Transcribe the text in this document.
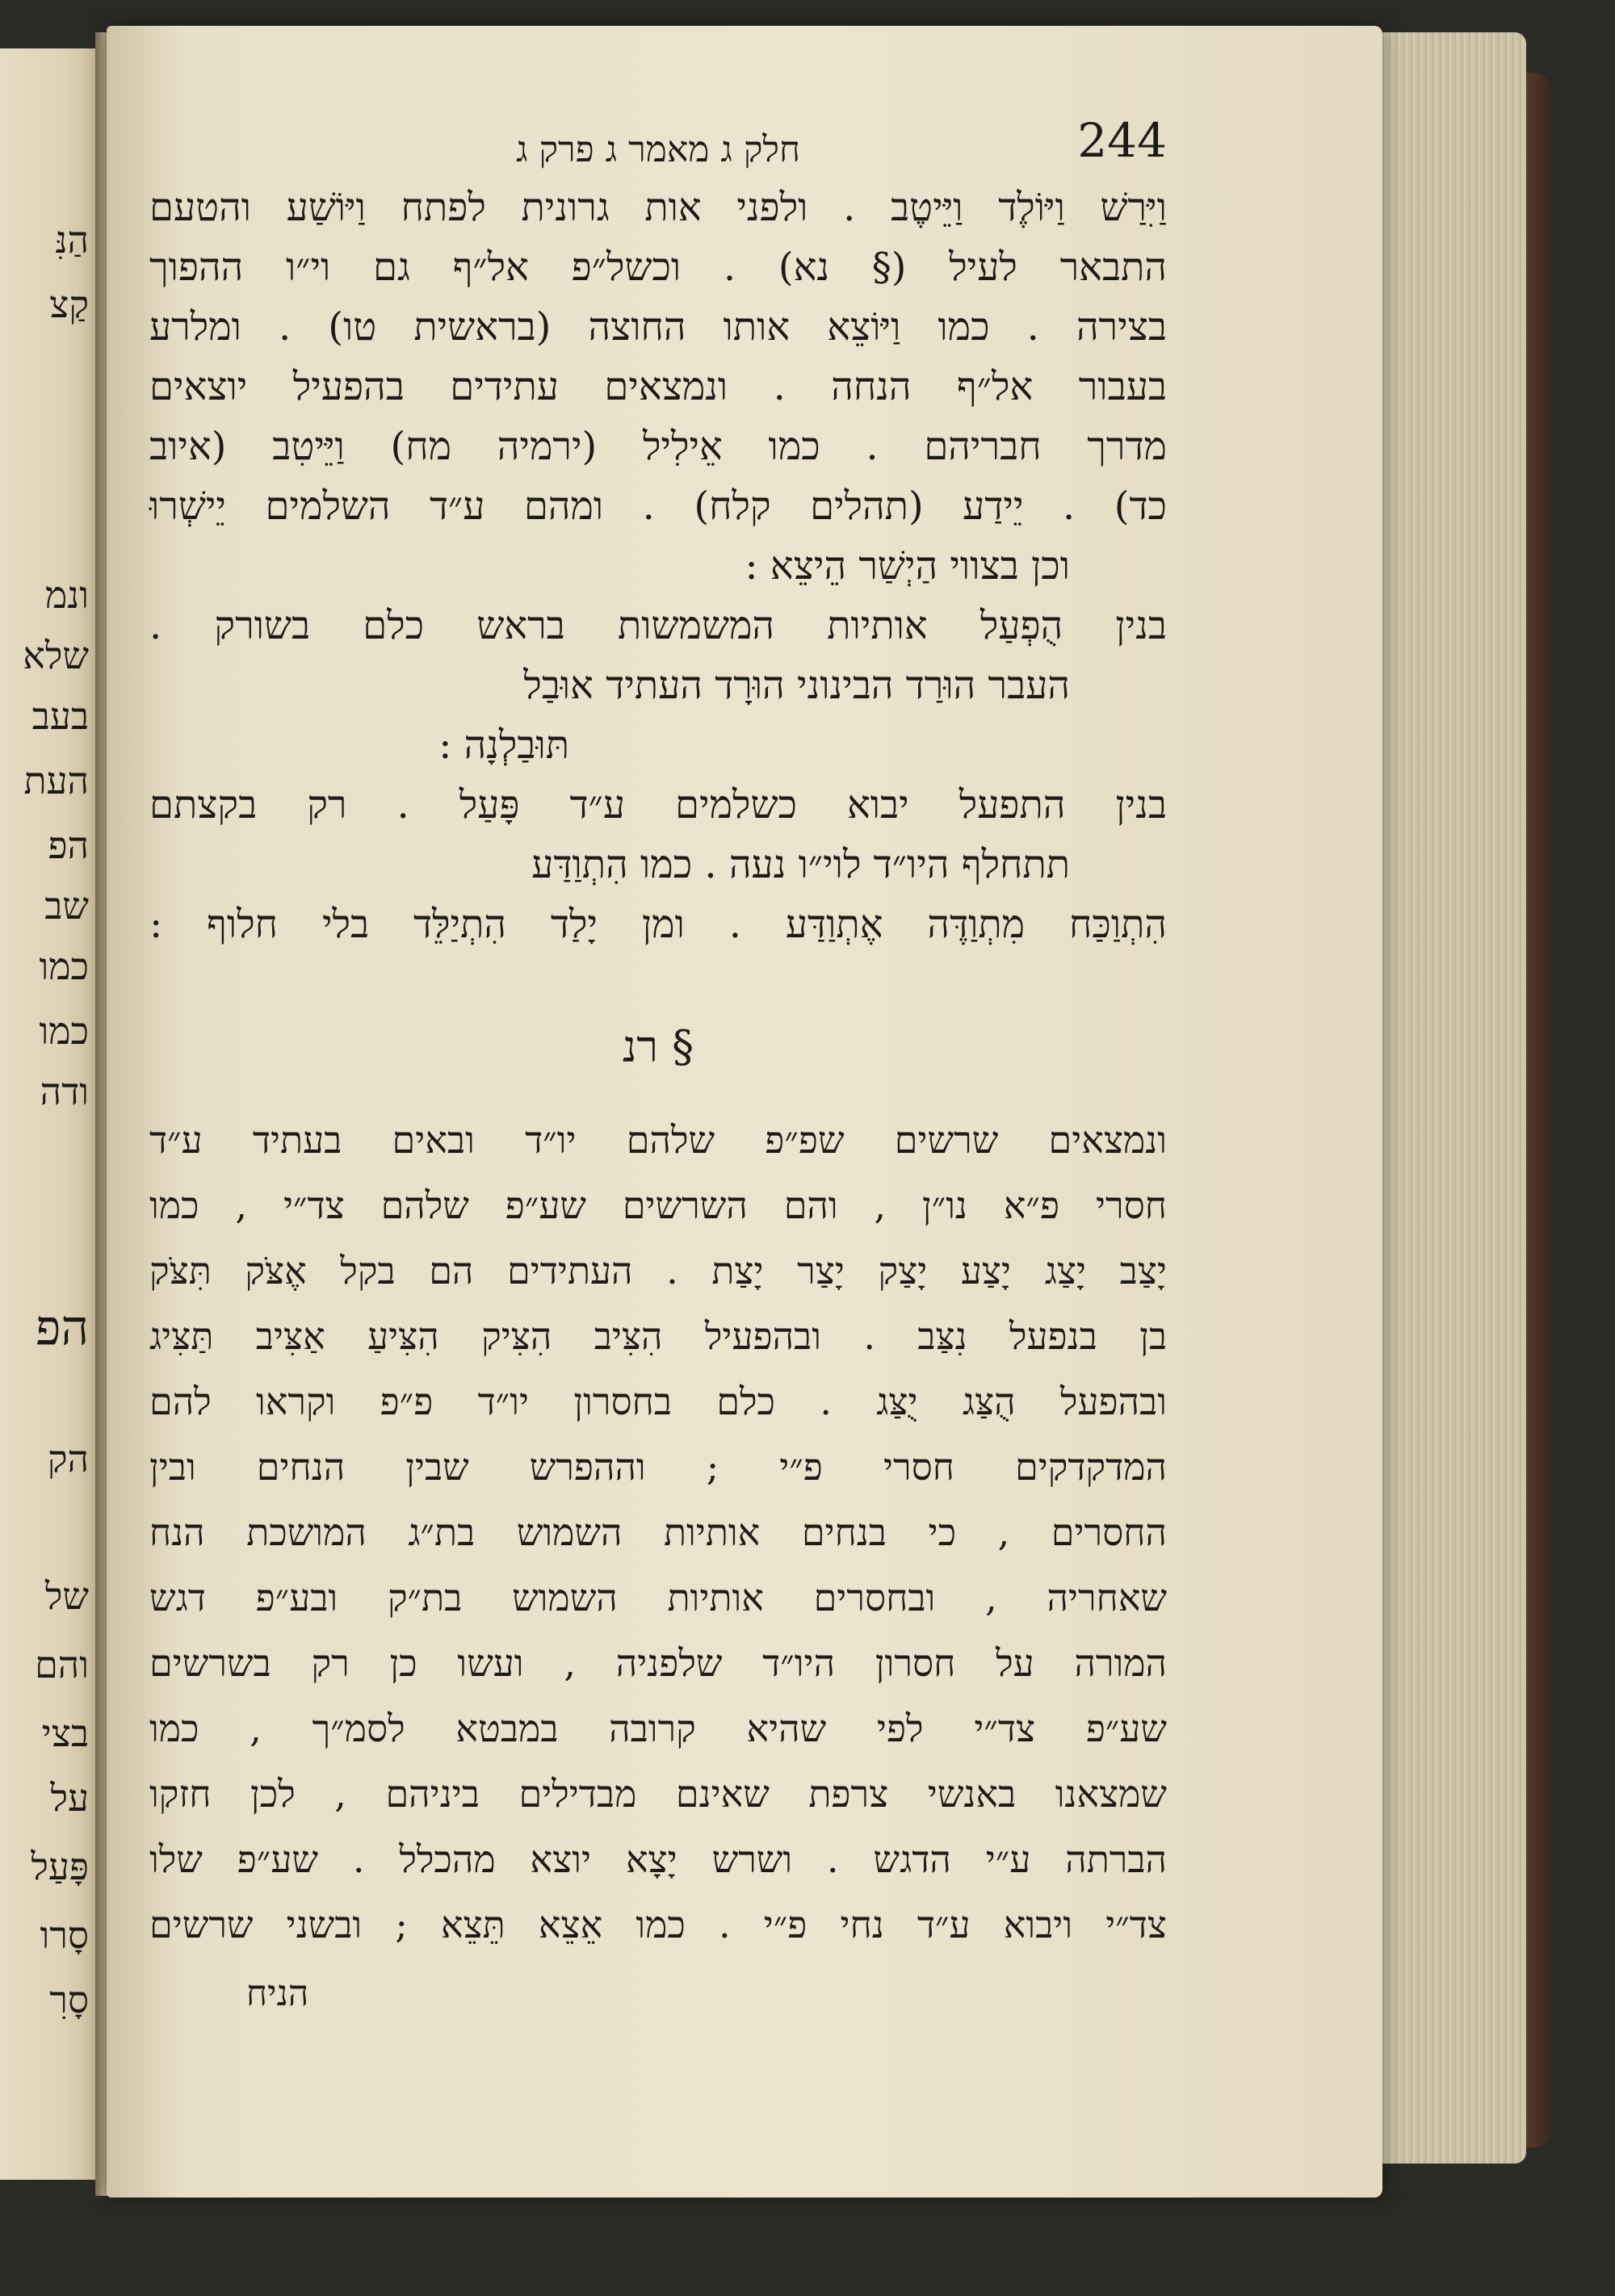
הַנִּ
קַצ
ונמ
שלא
בעב
העת
הפ
שב
כמו
כמו
ודה
הפ
הק
של
והם
בצי
על
פָּעַל
סָרו
סָרִ
חלק ג מאמר ג פרק ג	244
וַיִּרַשׁ וַיּוֹלֶד וַיֵּיטֶב . ולפני אות גרונית לפתח וַיּוֹשַׁע והטעם
התבאר לעיל (§ נא) . וכשל״פ אל״ף גם וי״ו ההפוך
בצירה . כמו וַיּוֹצֵא אותו החוצה (בראשית טו) . ומלרע
בעבור אל״ף הנחה . ונמצאים עתידים בהפעיל יוצאים
מדרך חבריהם . כמו אֵילִיל (ירמיה מח) וַיֵּיטִב (איוב
כד) . יֵידַע (תהלים קלח) . ומהם ע״ד השלמים יֵישְׁרוּ
וכן בצווי הַיְשַׁר הֵיצֵא :
בנין הֻפְעַל אותיות המשמשות בראש כלם בשורק .
העבר הוּרַד הבינוני הוּרָד העתיד אוּבַל
תּוּבַלְנָה :
בנין התפעל יבוא כשלמים ע״ד פָּעַל . רק בקצתם
תתחלף היו״ד לוי״ו נעה . כמו הִתְוַדַּע
הִתְוַכַּח מִתְוַדֶּה אֶתְוַדַּע . ומן יָלַד הִתְיַלֵּד בלי חלוף :
§ רנ
ונמצאים שרשים שפ״פ שלהם יו״ד ובאים בעתיד ע״ד
חסרי פ״א נו״ן , והם השרשים שע״פ שלהם צד״י , כמו
יָצַב יָצַג יָצַע יָצַק יָצַר יָצַת . העתידים הם בקל אֶצֹּק תִּצֹּק
בן בנפעל נִצַּב . ובהפעיל הִצִּיב הִצִּיק הִצִּיעַ אַצִּיב תַּצִּיג
ובהפעל הֻצַּג יֻצַּג . כלם בחסרון יו״ד פ״פ וקראו להם
המדקדקים חסרי פ״י ; וההפרש שבין הנחים ובין
החסרים , כי בנחים אותיות השמוש בת״ג המושכת הנח
שאחריה , ובחסרים אותיות השמוש בת״ק ובע״פ דגש
המורה על חסרון היו״ד שלפניה , ועשו כן רק בשרשים
שע״פ צד״י לפי שהיא קרובה במבטא לסמ״ך , כמו
שמצאנו באנשי צרפת שאינם מבדילים ביניהם , לכן חזקו
הברתה ע״י הדגש . ושרש יָצָא יוצא מהכלל . שע״פ שלו
צד״י ויבוא ע״ד נחי פ״י . כמו אֵצֵא תֵּצֵא ; ובשני שרשים
הניח
